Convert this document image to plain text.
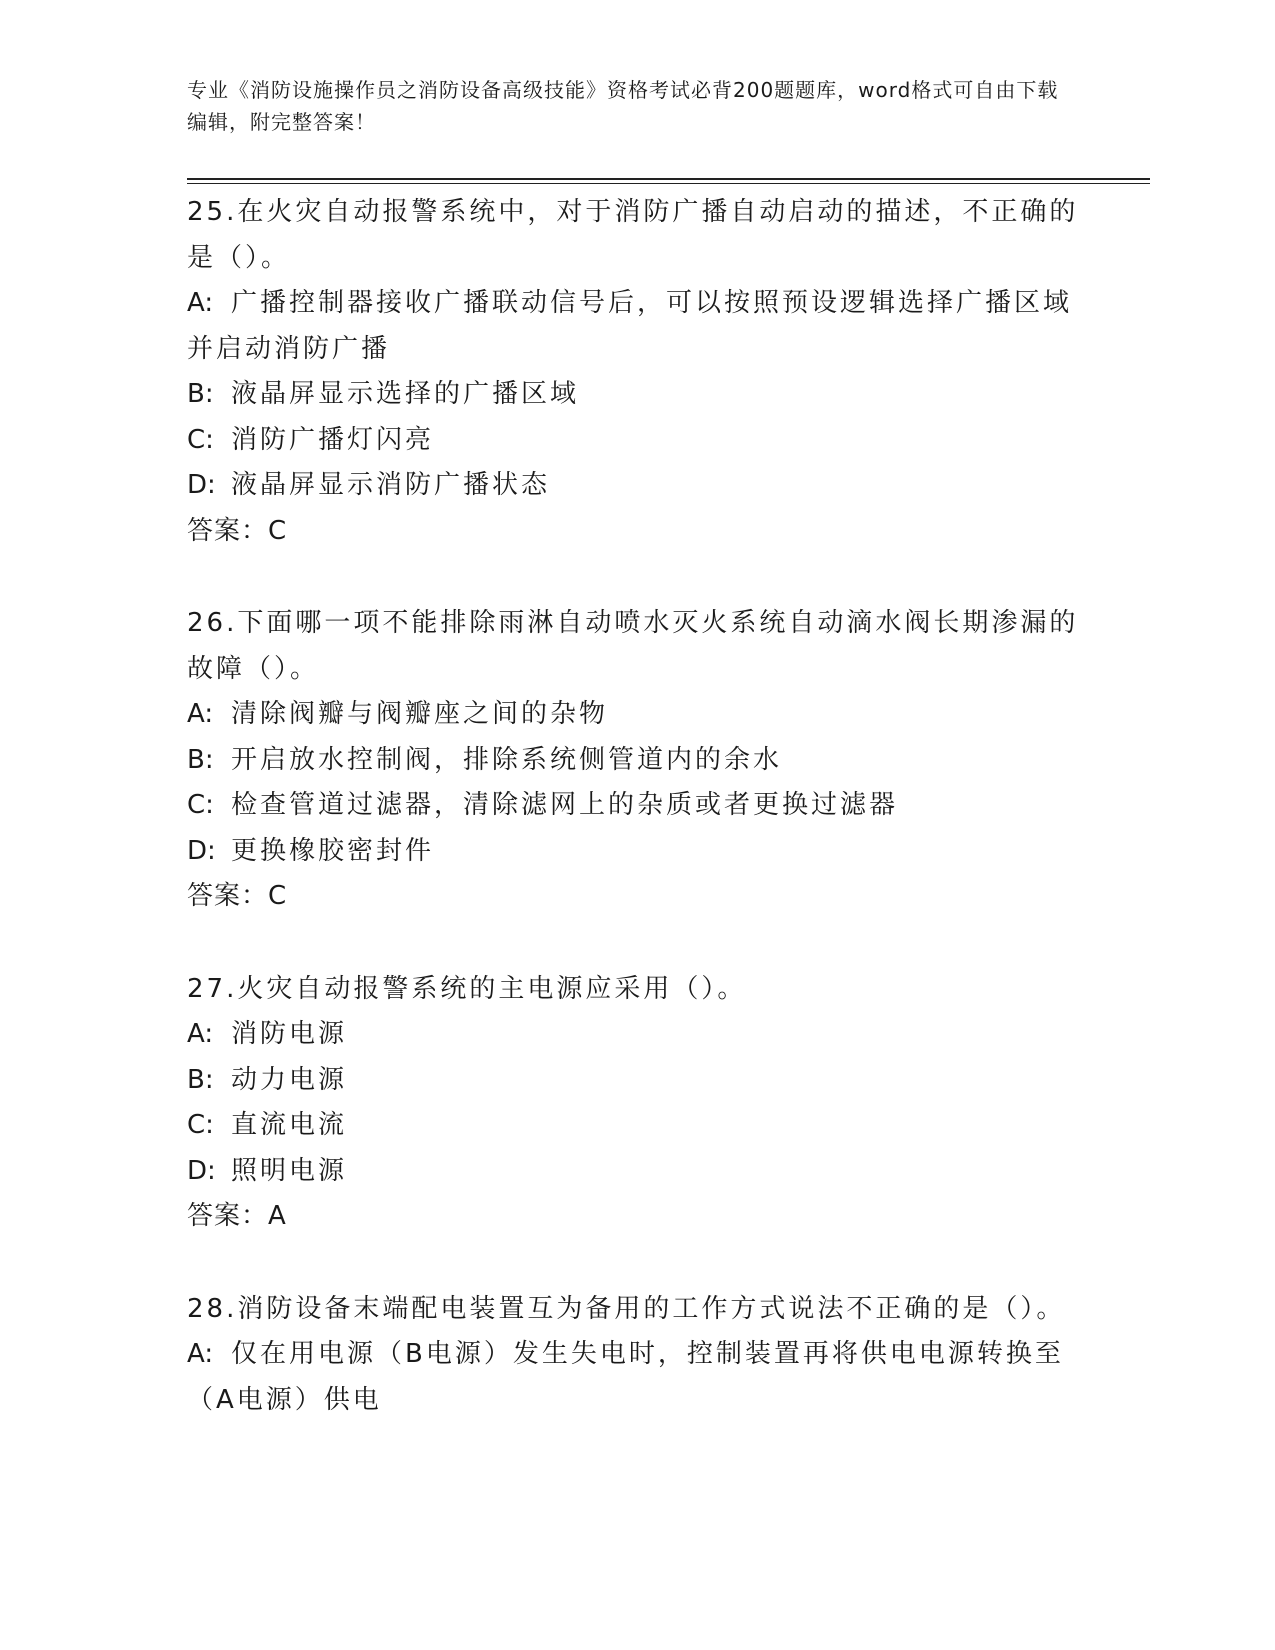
专业《消防设施操作员之消防设备高级技能》资格考试必背200题题库，word格式可自由下载编辑，附完整答案！

25.在火灾自动报警系统中，对于消防广播自动启动的描述，不正确的是（）。

A: 广播控制器接收广播联动信号后，可以按照预设逻辑选择广播区域并启动消防广播

B: 液晶屏显示选择的广播区域

C: 消防广播灯闪亮

D: 液晶屏显示消防广播状态

答案：C

26.下面哪一项不能排除雨淋自动喷水灭火系统自动滴水阀长期渗漏的故障（）。

A: 清除阀瓣与阀瓣座之间的杂物

B: 开启放水控制阀，排除系统侧管道内的余水

C: 检查管道过滤器，清除滤网上的杂质或者更换过滤器

D: 更换橡胶密封件

答案：C

27.火灾自动报警系统的主电源应采用（）。

A: 消防电源

B: 动力电源

C: 直流电流

D: 照明电源

答案：A

28.消防设备末端配电装置互为备用的工作方式说法不正确的是（）。

A: 仅在用电源（B电源）发生失电时，控制装置再将供电电源转换至（A电源）供电
